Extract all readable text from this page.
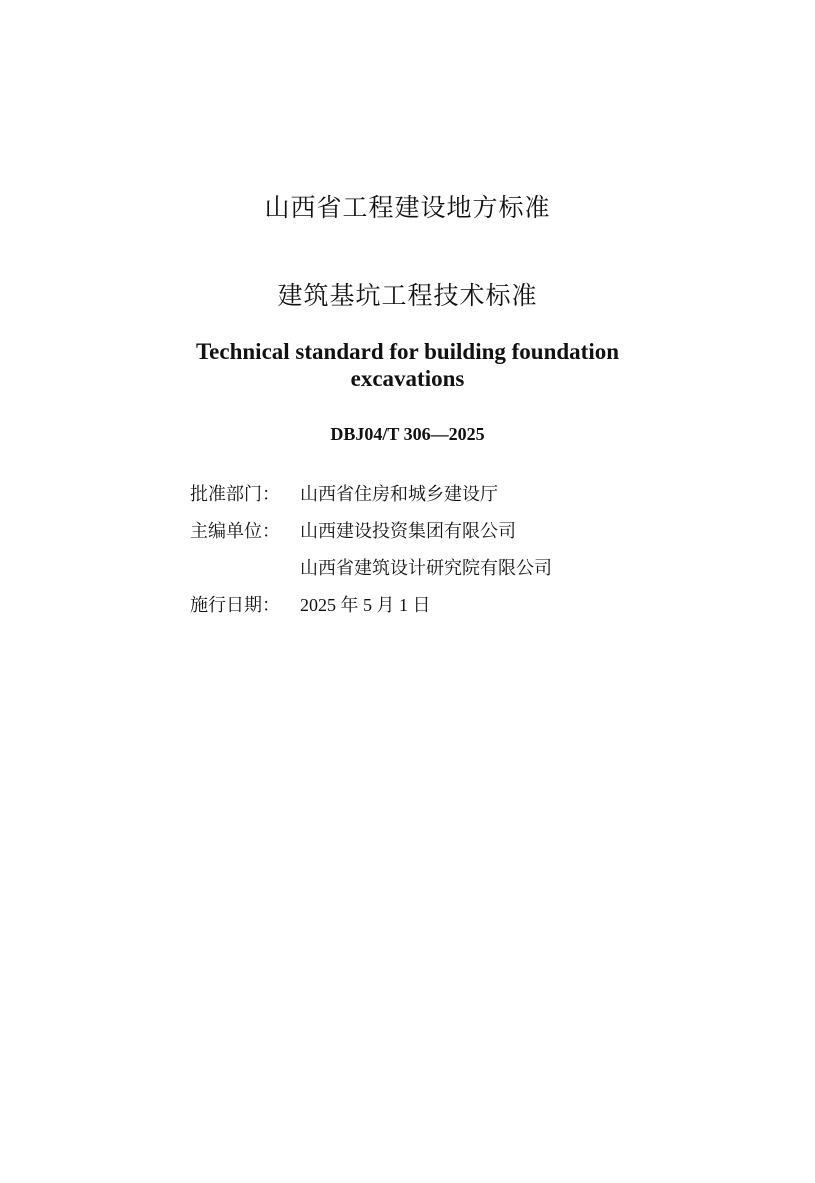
山西省工程建设地方标准
建筑基坑工程技术标准
Technical standard for building foundation
excavations
DBJ04/T 306—2025
批准部门：	山西省住房和城乡建设厅
主编单位：	山西建设投资集团有限公司
山西省建筑设计研究院有限公司
施行日期：	2025 年 5 月 1 日
